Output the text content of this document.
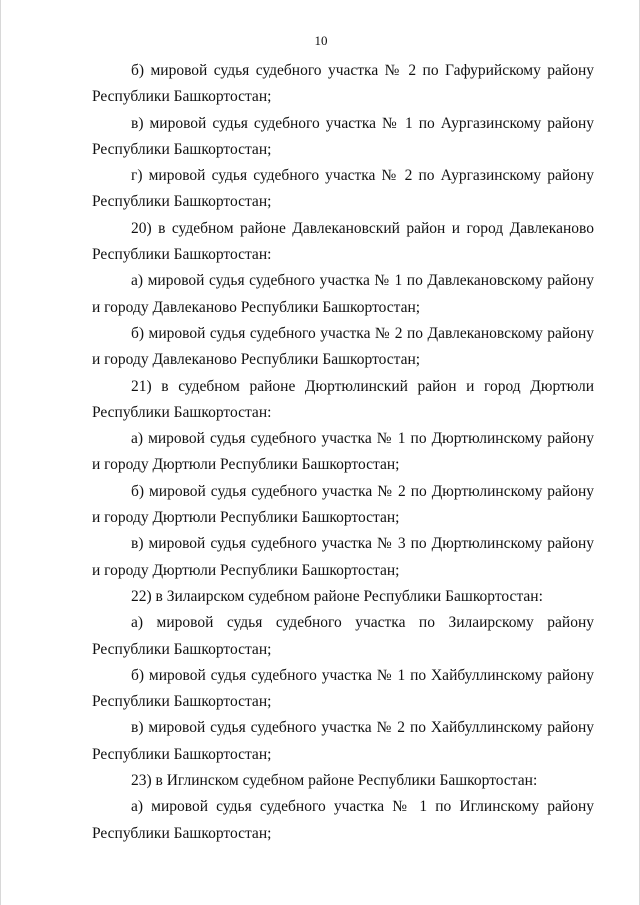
10

б) мировой судья судебного участка № 2 по Гафурийскому району Республики Башкортостан;

в) мировой судья судебного участка № 1 по Аургазинскому району Республики Башкортостан;

г) мировой судья судебного участка № 2 по Аургазинскому району Республики Башкортостан;

20) в судебном районе Давлекановский район и город Давлеканово Республики Башкортостан:

а) мировой судья судебного участка № 1 по Давлекановскому району и городу Давлеканово Республики Башкортостан;

б) мировой судья судебного участка № 2 по Давлекановскому району и городу Давлеканово Республики Башкортостан;

21) в судебном районе Дюртюлинский район и город Дюртюли Республики Башкортостан:

а) мировой судья судебного участка № 1 по Дюртюлинскому району и городу Дюртюли Республики Башкортостан;

б) мировой судья судебного участка № 2 по Дюртюлинскому району и городу Дюртюли Республики Башкортостан;

в) мировой судья судебного участка № 3 по Дюртюлинскому району и городу Дюртюли Республики Башкортостан;

22) в Зилаирском судебном районе Республики Башкортостан:

а) мировой судья судебного участка по Зилаирскому району Республики Башкортостан;

б) мировой судья судебного участка № 1 по Хайбуллинскому району Республики Башкортостан;

в) мировой судья судебного участка № 2 по Хайбуллинскому району Республики Башкортостан;

23) в Иглинском судебном районе Республики Башкортостан:

а) мировой судья судебного участка № 1 по Иглинскому району Республики Башкортостан;
